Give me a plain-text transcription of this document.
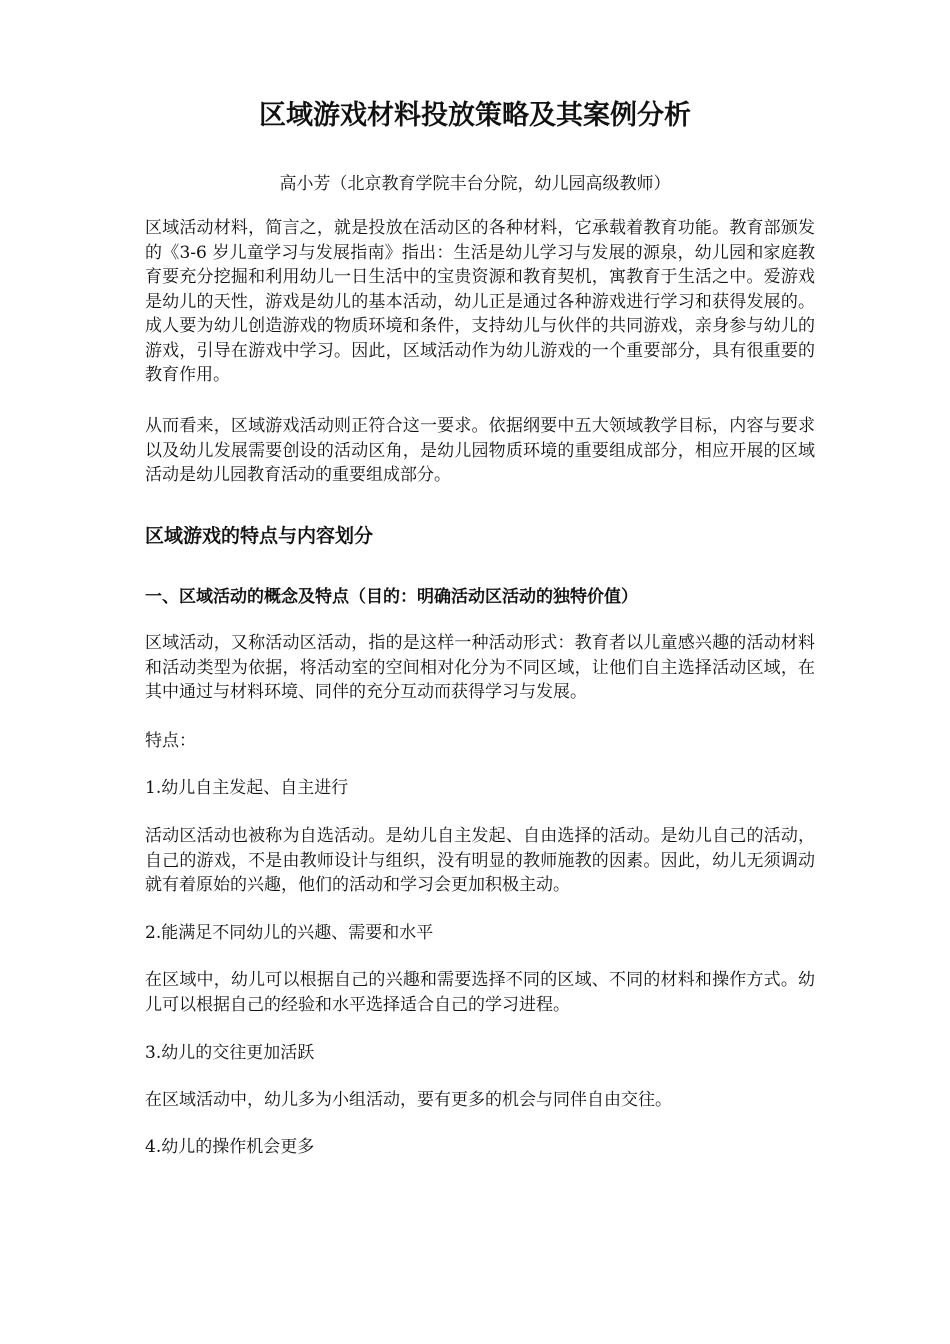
区域游戏材料投放策略及其案例分析

高小芳（北京教育学院丰台分院，幼儿园高级教师）

区域活动材料，简言之，就是投放在活动区的各种材料，它承载着教育功能。教育部颁发的《3-6 岁儿童学习与发展指南》指出：生活是幼儿学习与发展的源泉，幼儿园和家庭教育要充分挖掘和利用幼儿一日生活中的宝贵资源和教育契机，寓教育于生活之中。爱游戏是幼儿的天性，游戏是幼儿的基本活动，幼儿正是通过各种游戏进行学习和获得发展的。成人要为幼儿创造游戏的物质环境和条件，支持幼儿与伙伴的共同游戏，亲身参与幼儿的游戏，引导在游戏中学习。因此，区域活动作为幼儿游戏的一个重要部分，具有很重要的教育作用。

从而看来，区域游戏活动则正符合这一要求。依据纲要中五大领域教学目标，内容与要求以及幼儿发展需要创设的活动区角，是幼儿园物质环境的重要组成部分，相应开展的区域活动是幼儿园教育活动的重要组成部分。

区域游戏的特点与内容划分
一、区域活动的概念及特点（目的：明确活动区活动的独特价值）

区域活动，又称活动区活动，指的是这样一种活动形式：教育者以儿童感兴趣的活动材料和活动类型为依据，将活动室的空间相对化分为不同区域，让他们自主选择活动区域，在其中通过与材料环境、同伴的充分互动而获得学习与发展。

特点：

1.幼儿自主发起、自主进行

活动区活动也被称为自选活动。是幼儿自主发起、自由选择的活动。是幼儿自己的活动，自己的游戏，不是由教师设计与组织，没有明显的教师施教的因素。因此，幼儿无须调动就有着原始的兴趣，他们的活动和学习会更加积极主动。

2.能满足不同幼儿的兴趣、需要和水平

在区域中，幼儿可以根据自己的兴趣和需要选择不同的区域、不同的材料和操作方式。幼儿可以根据自己的经验和水平选择适合自己的学习进程。

3.幼儿的交往更加活跃

在区域活动中，幼儿多为小组活动，要有更多的机会与同伴自由交往。

4.幼儿的操作机会更多
